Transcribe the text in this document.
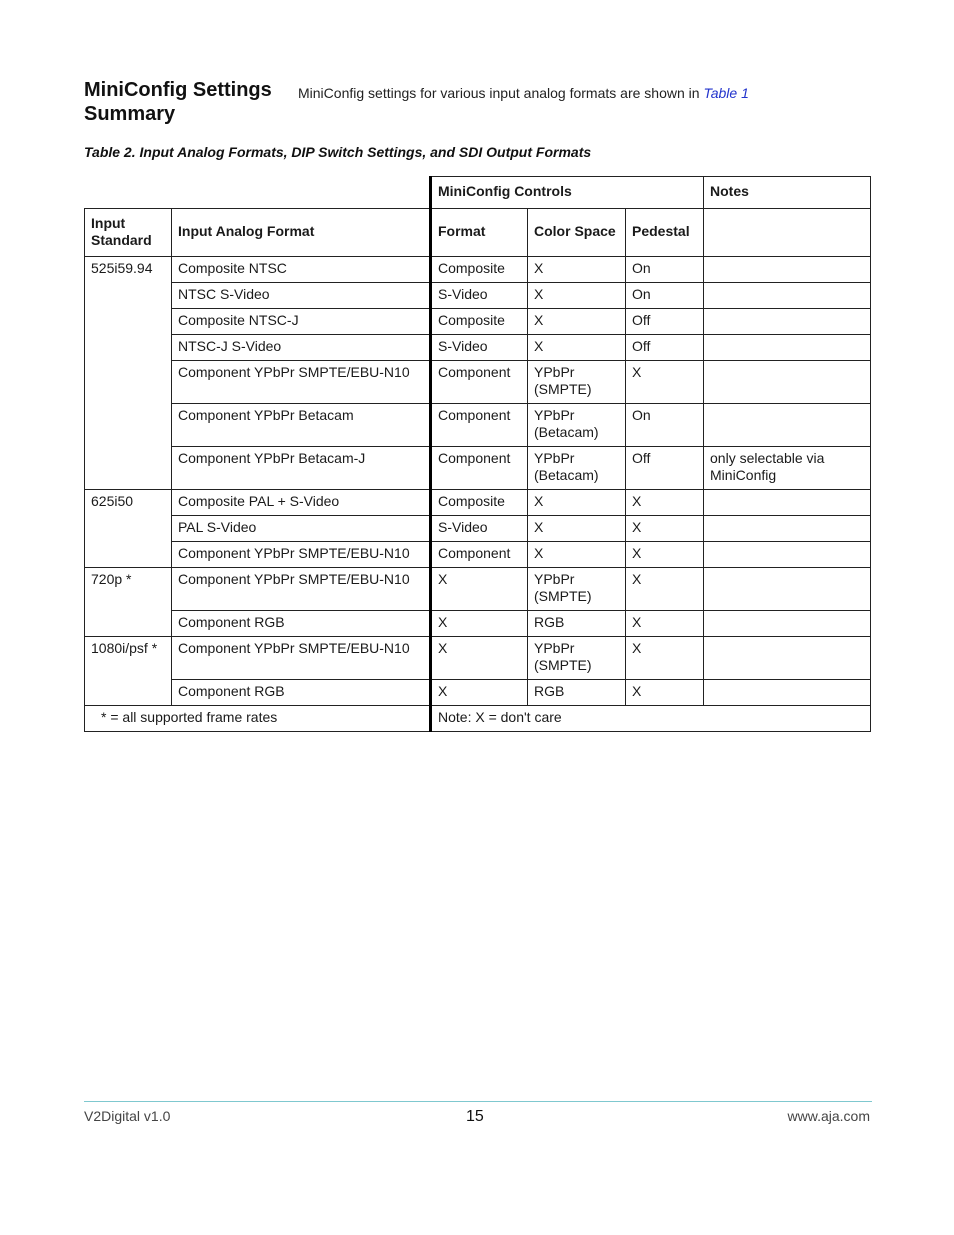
MiniConfig Settings
Summary
MiniConfig settings for various input analog formats are shown in Table 1
Table 2. Input Analog Formats, DIP Switch Settings, and SDI Output Formats
		MiniConfig Controls			Notes
Input Standard	Input Analog Format	Format	Color Space	Pedestal	
525i59.94	Composite NTSC	Composite	X	On	
	NTSC S-Video	S-Video	X	On	
	Composite NTSC-J	Composite	X	Off	
	NTSC-J S-Video	S-Video	X	Off	
	Component YPbPr SMPTE/EBU-N10	Component	YPbPr (SMPTE)	X	
	Component YPbPr Betacam	Component	YPbPr (Betacam)	On	
	Component YPbPr Betacam-J	Component	YPbPr (Betacam)	Off	only selectable via MiniConfig
625i50	Composite PAL + S-Video	Composite	X	X	
	PAL S-Video	S-Video	X	X	
	Component YPbPr SMPTE/EBU-N10	Component	X	X	
720p *	Component YPbPr SMPTE/EBU-N10	X	YPbPr (SMPTE)	X	
	Component RGB	X	RGB	X	
1080i/psf *	Component YPbPr SMPTE/EBU-N10	X	YPbPr (SMPTE)	X	
	Component RGB	X	RGB	X	
* = all supported frame rates		Note: X = don't care			
V2Digital v1.0	15	www.aja.com
